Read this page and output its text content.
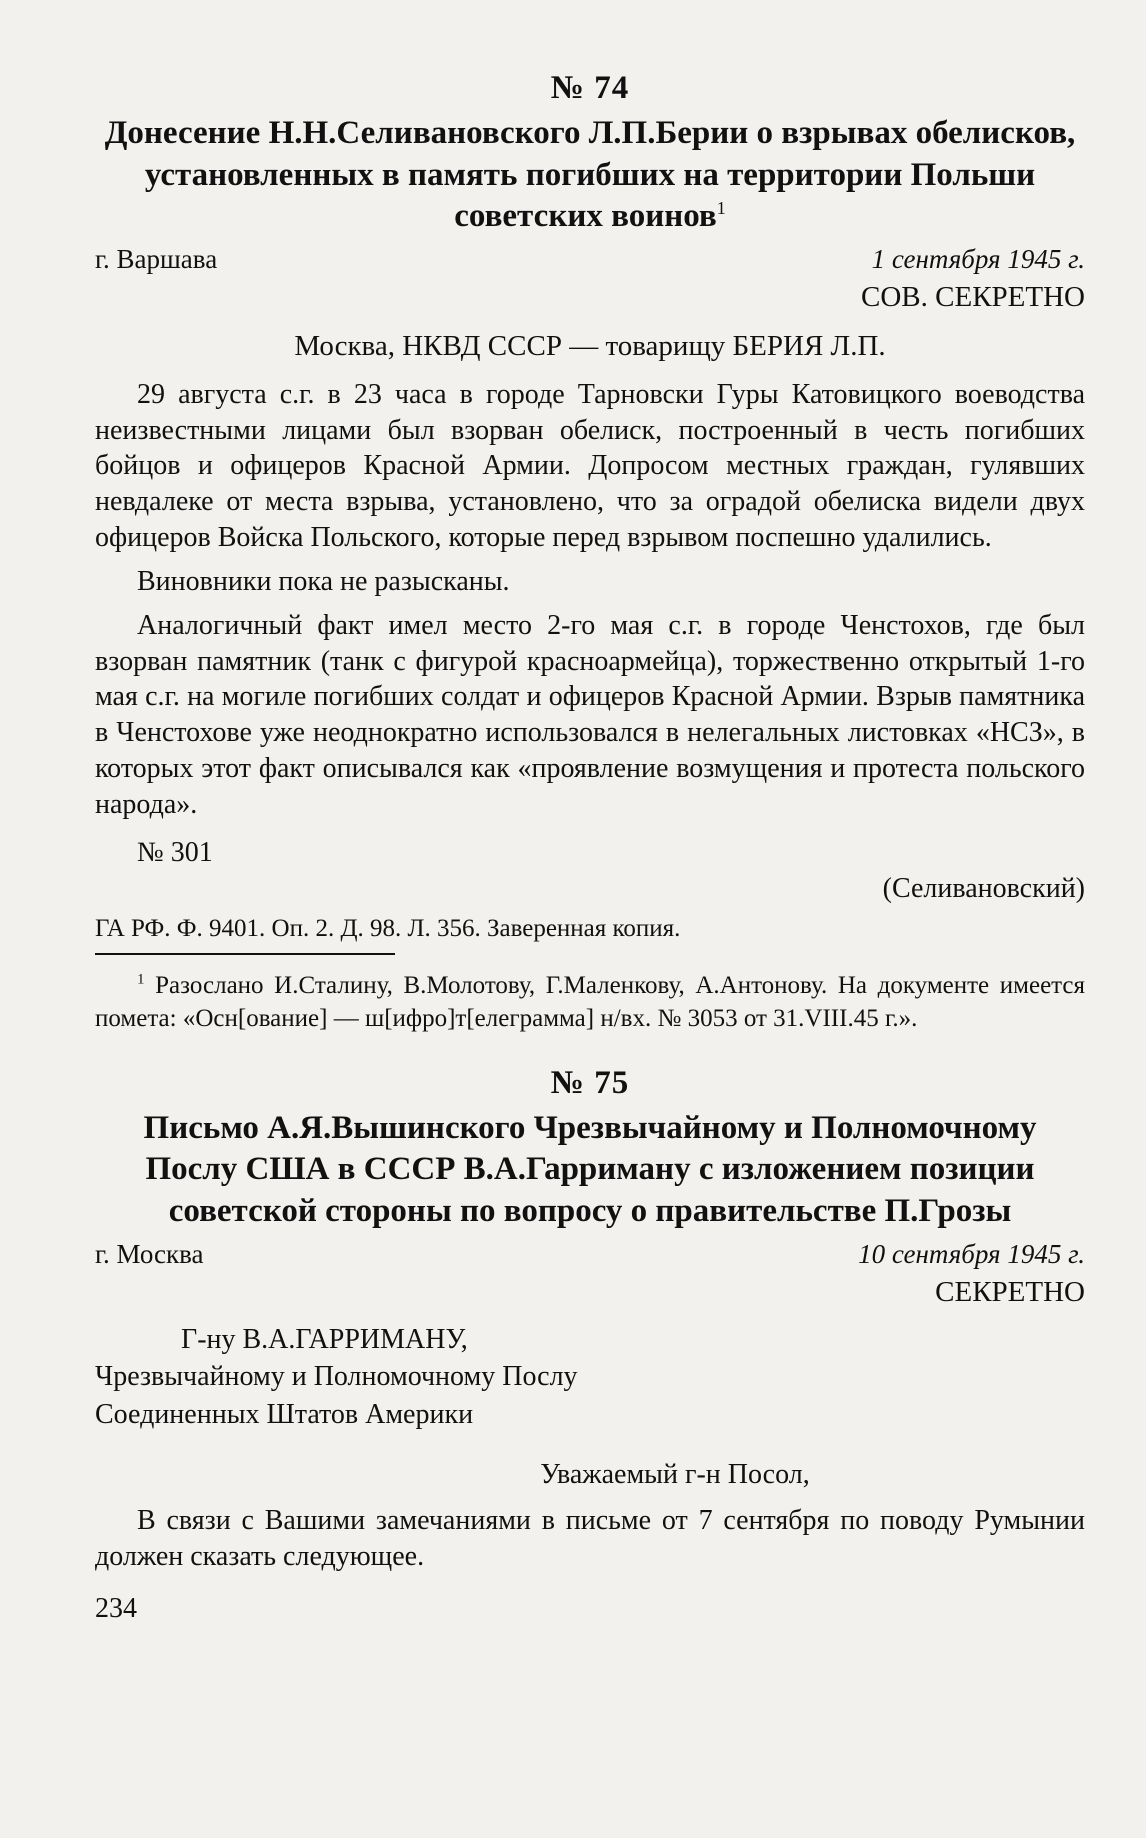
№ 74
Донесение Н.Н.Селивановского Л.П.Берии о взрывах обелисков, установленных в память погибших на территории Польши советских воинов$^1$
г. Варшава	1 сентября 1945 г.
СОВ. СЕКРЕТНО
Москва, НКВД СССР — товарищу БЕРИЯ Л.П.

29 августа с.г. в 23 часа в городе Тарновски Гуры Катовицкого воеводства неизвестными лицами был взорван обелиск, построенный в честь погибших бойцов и офицеров Красной Армии. Допросом местных граждан, гулявших невдалеке от места взрыва, установлено, что за оградой обелиска видели двух офицеров Войска Польского, которые перед взрывом поспешно удалились.

Виновники пока не разысканы.

Аналогичный факт имел место 2-го мая с.г. в городе Ченстохов, где был взорван памятник (танк с фигурой красноармейца), торжественно открытый 1-го мая с.г. на могиле погибших солдат и офицеров Красной Армии. Взрыв памятника в Ченстохове уже неоднократно использовался в нелегальных листовках «НСЗ», в которых этот факт описывался как «проявление возмущения и протеста польского народа».

№ 301
(Селивановский)
ГА РФ. Ф. 9401. Оп. 2. Д. 98. Л. 356. Заверенная копия.

$^1$ Разослано И.Сталину, В.Молотову, Г.Маленкову, А.Антонову. На документе имеется помета: «Осн[ование] — ш[ифро]т[елеграмма] н/вх. № 3053 от 31.VIII.45 г.».

№ 75
Письмо А.Я.Вышинского Чрезвычайному и Полномочному Послу США в СССР В.А.Гарриману с изложением позиции советской стороны по вопросу о правительстве П.Грозы
г. Москва	10 сентября 1945 г.
СЕКРЕТНО
Г-ну В.А.ГАРРИМАНУ,
Чрезвычайному и Полномочному Послу
Соединенных Штатов Америки
Уважаемый г-н Посол,

В связи с Вашими замечаниями в письме от 7 сентября по поводу Румынии должен сказать следующее.

234
